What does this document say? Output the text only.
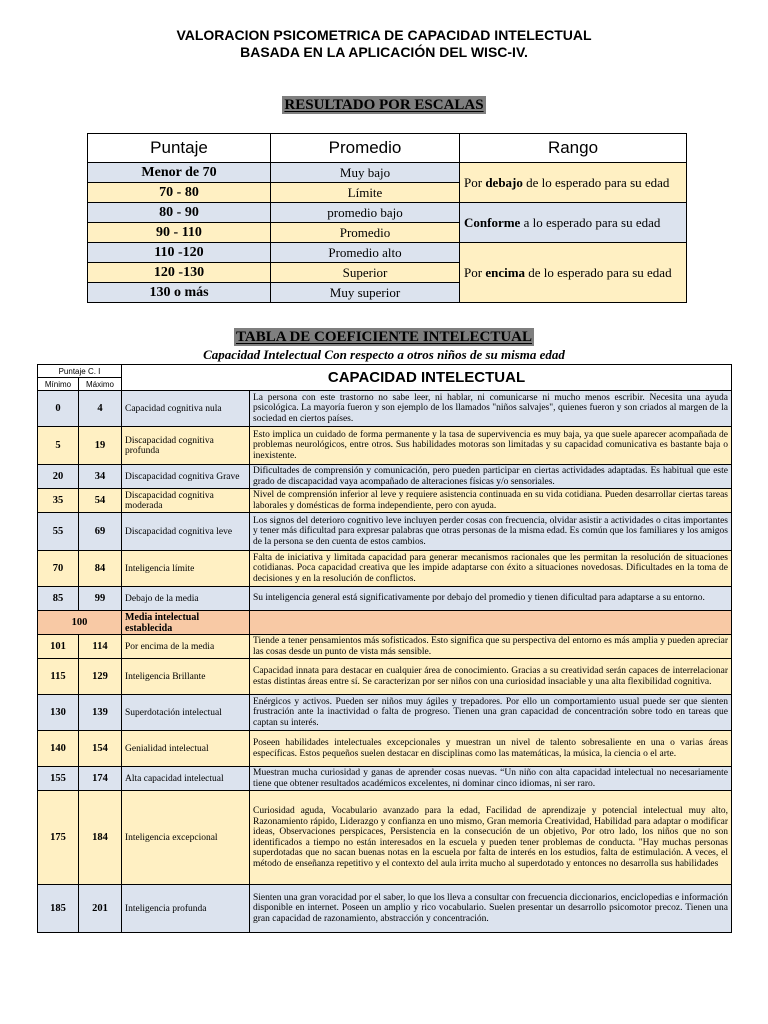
VALORACION PSICOMETRICA DE CAPACIDAD INTELECTUAL
BASADA EN LA APLICACIÓN DEL WISC-IV.
RESULTADO POR ESCALAS
Puntaje	Promedio	Rango
Menor de 70	Muy bajo	Por debajo de lo esperado para su edad
70 - 80	Límite	
80 - 90	promedio bajo	Conforme a lo esperado para su edad
90 - 110	Promedio	
110 -120	Promedio alto	Por encima de lo esperado para su edad
120 -130	Superior	
130 o más	Muy superior	
TABLA DE COEFICIENTE INTELECTUAL
Capacidad Intelectual Con respecto a otros niños de su misma edad
Puntaje C. I		CAPACIDAD INTELECTUAL	
Mínimo	Máximo		
0	4	Capacidad cognitiva nula	La persona con este trastorno no sabe leer, ni hablar, ni comunicarse ni mucho menos escribir. Necesita una ayuda psicológica. La mayoría fueron y son ejemplo de los llamados "niños salvajes", quienes fueron y son criados al margen de la sociedad en ciertos países.
5	19	Discapacidad cognitiva profunda	Esto implica un cuidado de forma permanente y la tasa de supervivencia es muy baja, ya que suele aparecer acompañada de problemas neurológicos, entre otros. Sus habilidades motoras son limitadas y su capacidad comunicativa es bastante baja o inexistente.
20	34	Discapacidad cognitiva Grave	Dificultades de comprensión y comunicación, pero pueden participar en ciertas actividades adaptadas. Es habitual que este grado de discapacidad vaya acompañado de alteraciones físicas y/o sensoriales.
35	54	Discapacidad cognitiva moderada	Nivel de comprensión inferior al leve y requiere asistencia continuada en su vida cotidiana. Pueden desarrollar ciertas tareas laborales y domésticas de forma independiente, pero con ayuda.
55	69	Discapacidad cognitiva leve	Los signos del deterioro cognitivo leve incluyen perder cosas con frecuencia, olvidar asistir a actividades o citas importantes y tener más dificultad para expresar palabras que otras personas de la misma edad. Es común que los familiares y los amigos de la persona se den cuenta de estos cambios.
70	84	Inteligencia límite	Falta de iniciativa y limitada capacidad para generar mecanismos racionales que les permitan la resolución de situaciones cotidianas. Poca capacidad creativa que les impide adaptarse con éxito a situaciones novedosas. Dificultades en la toma de decisiones y en la resolución de conflictos.
85	99	Debajo de la media	Su inteligencia general está significativamente por debajo del promedio y tienen dificultad para adaptarse a su entorno.
100		Media intelectual establecida	
101	114	Por encima de la media	Tiende a tener pensamientos más sofisticados. Esto significa que su perspectiva del entorno es más amplia y pueden apreciar las cosas desde un punto de vista más sensible.
115	129	Inteligencia Brillante	Capacidad innata para destacar en cualquier área de conocimiento. Gracias a su creatividad serán capaces de interrelacionar estas distintas áreas entre sí. Se caracterizan por ser niños con una curiosidad insaciable y una alta flexibilidad cognitiva.
130	139	Superdotación intelectual	Enérgicos y activos. Pueden ser niños muy ágiles y trepadores. Por ello un comportamiento usual puede ser que sienten frustración ante la inactividad o falta de progreso. Tienen una gran capacidad de concentración sobre todo en tareas que captan su interés.
140	154	Genialidad intelectual	Poseen habilidades intelectuales excepcionales y muestran un nivel de talento sobresaliente en una o varias áreas específicas. Estos pequeños suelen destacar en disciplinas como las matemáticas, la música, la ciencia o el arte.
155	174	Alta capacidad intelectual	Muestran mucha curiosidad y ganas de aprender cosas nuevas. “Un niño con alta capacidad intelectual no necesariamente tiene que obtener resultados académicos excelentes, ni dominar cinco idiomas, ni ser raro.
175	184	Inteligencia excepcional	Curiosidad aguda, Vocabulario avanzado para la edad, Facilidad de aprendizaje y potencial intelectual muy alto, Razonamiento rápido, Liderazgo y confianza en uno mismo, Gran memoria Creatividad, Habilidad para adaptar o modificar ideas, Observaciones perspicaces, Persistencia en la consecución de un objetivo, Por otro lado, los niños que no son identificados a tiempo no están interesados en la escuela y pueden tener problemas de conducta. "Hay muchas personas superdotadas que no sacan buenas notas en la escuela por falta de interés en los estudios, falta de estimulación. A veces, el método de enseñanza repetitivo y el contexto del aula irrita mucho al superdotado y entonces no desarrolla sus habilidades
185	201	Inteligencia profunda	Sienten una gran voracidad por el saber, lo que los lleva a consultar con frecuencia diccionarios, enciclopedias e información disponible en internet. Poseen un amplio y rico vocabulario. Suelen presentar un desarrollo psicomotor precoz. Tienen una gran capacidad de razonamiento, abstracción y concentración.
